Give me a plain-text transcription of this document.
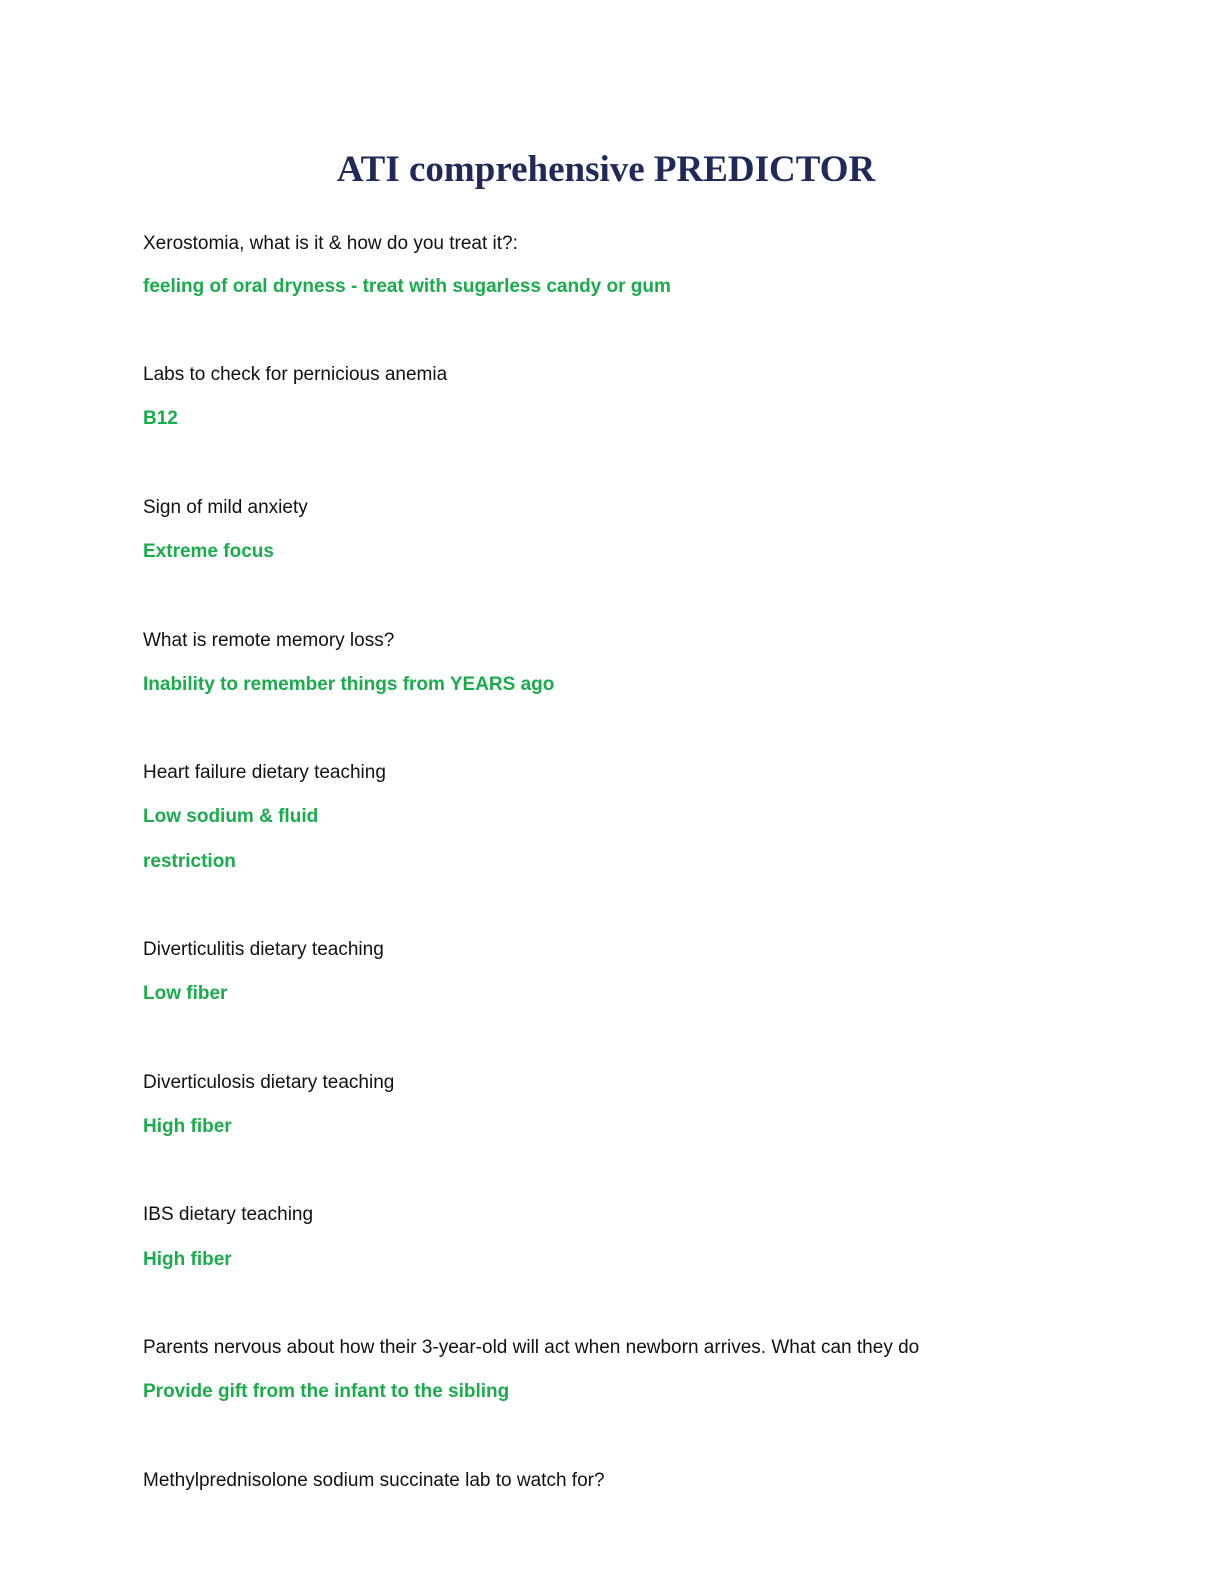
ATI comprehensive PREDICTOR
Xerostomia, what is it & how do you treat it?:
feeling of oral dryness - treat with sugarless candy or gum
Labs to check for pernicious anemia
B12
Sign of mild anxiety
Extreme focus
What is remote memory loss?
Inability to remember things from YEARS ago
Heart failure dietary teaching
Low sodium & fluid
restriction
Diverticulitis dietary teaching
Low fiber
Diverticulosis dietary teaching
High fiber
IBS dietary teaching
High fiber
Parents nervous about how their 3-year-old will act when newborn arrives. What can they do
Provide gift from the infant to the sibling
Methylprednisolone sodium succinate lab to watch for?
